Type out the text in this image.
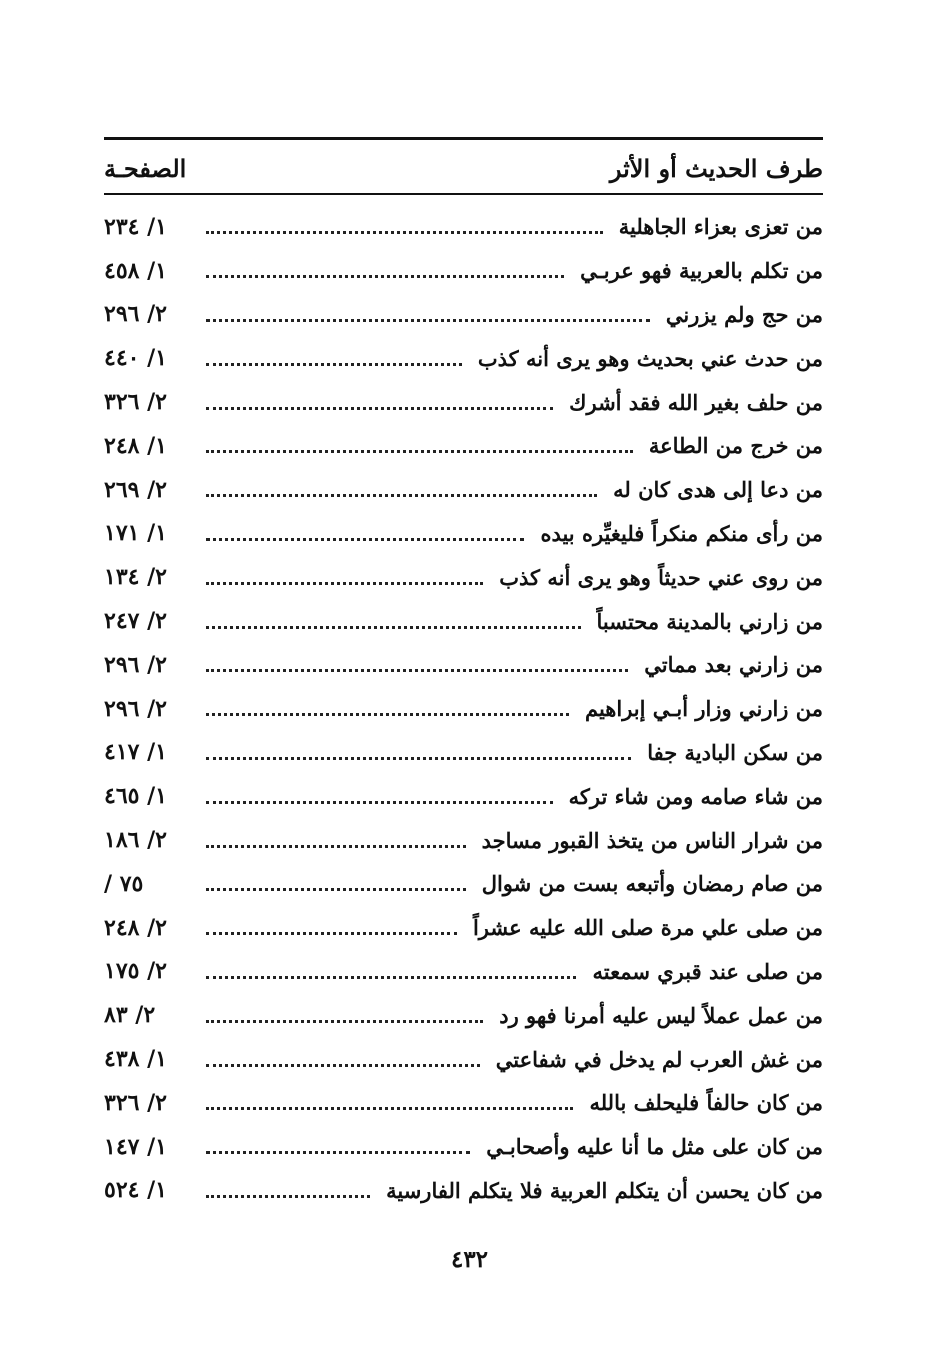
طرف الحديث أو الأثر
الصفحـة
من تعزى بعزاء الجاهلية
١/ ٢٣٤
من تكلم بالعربية فهو عربـي
١/ ٤٥٨
من حج ولم يزرني
٢/ ٢٩٦
من حدث عني بحديث وهو يرى أنه كذب
١/ ٤٤٠
من حلف بغير الله فقد أشرك
٢/ ٣٢٦
من خرج من الطاعة
١/ ٢٤٨
من دعا إلى هدى كان له
٢/ ٢٦٩
من رأى منكم منكراً فليغيِّره بيده
١/ ١٧١
من روى عني حديثاً وهو يرى أنه كذب
٢/ ١٣٤
من زارني بالمدينة محتسباً
٢/ ٢٤٧
من زارني بعد مماتي
٢/ ٢٩٦
من زارني وزار أبـي إبراهيم
٢/ ٢٩٦
من سكن البادية جفا
١/ ٤١٧
من شاء صامه ومن شاء تركه
١/ ٤٦٥
من شرار الناس من يتخذ القبور مساجد
٢/ ١٨٦
من صام رمضان وأتبعه بست من شوال
/ ٧٥
من صلى علي مرة صلى الله عليه عشراً
٢/ ٢٤٨
من صلى عند قبري سمعته
٢/ ١٧٥
من عمل عملاً ليس عليه أمرنا فهو رد
٢/ ٨٣
من غش العرب لم يدخل في شفاعتي
١/ ٤٣٨
من كان حالفاً فليحلف بالله
٢/ ٣٢٦
من كان على مثل ما أنا عليه وأصحابـي
١/ ١٤٧
من كان يحسن أن يتكلم العربية فلا يتكلم الفارسية
١/ ٥٢٤
٤٣٢
